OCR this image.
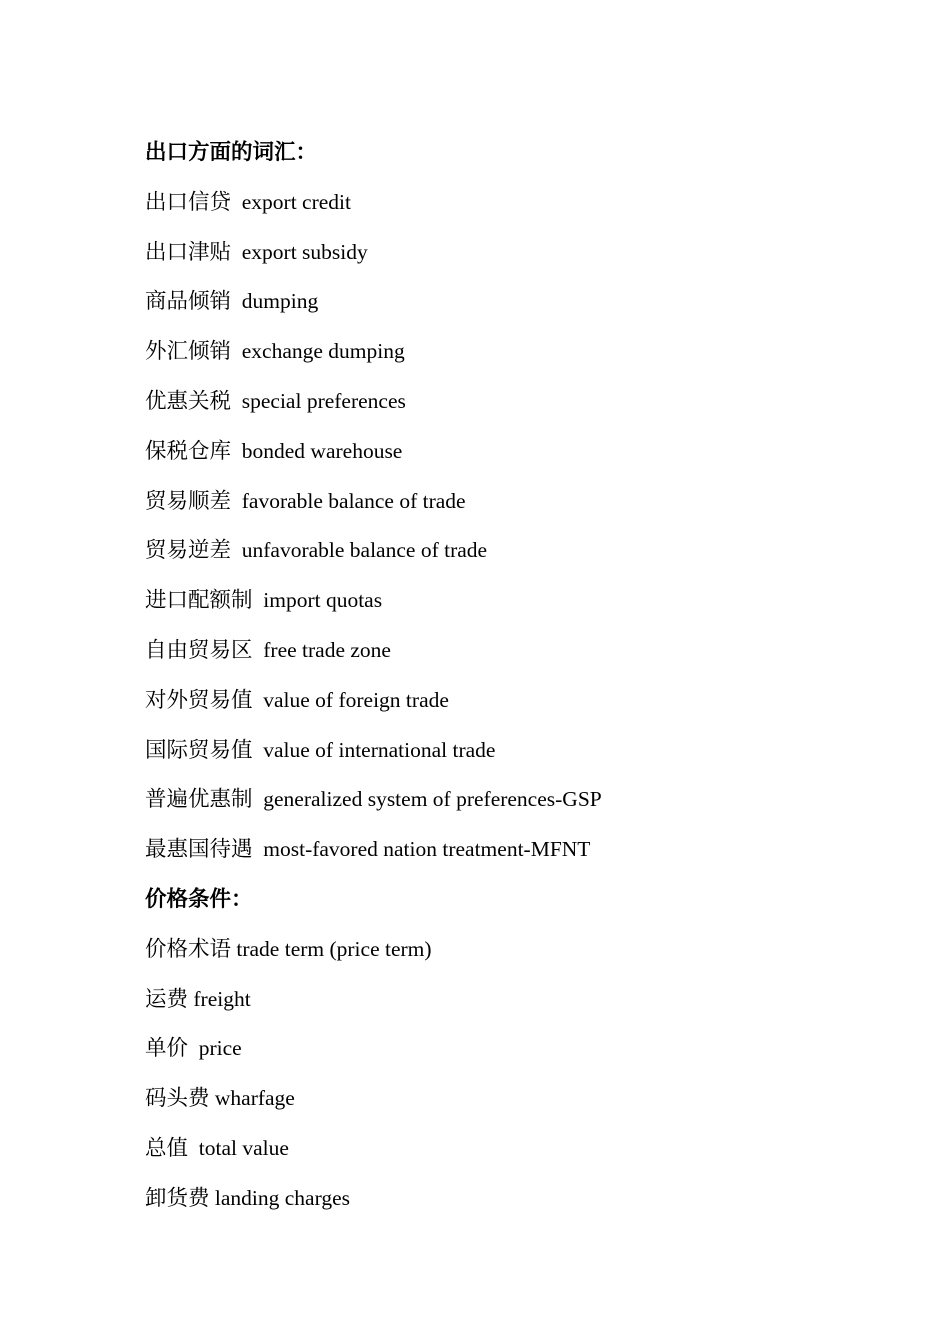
出口方面的词汇：
出口信贷  export credit
出口津贴  export subsidy
商品倾销  dumping
外汇倾销  exchange dumping
优惠关税  special preferences
保税仓库  bonded warehouse
贸易顺差  favorable balance of trade
贸易逆差  unfavorable balance of trade
进口配额制  import quotas
自由贸易区  free trade zone
对外贸易值  value of foreign trade
国际贸易值  value of international trade
普遍优惠制  generalized system of preferences-GSP
最惠国待遇  most-favored nation treatment-MFNT
价格条件：
价格术语 trade term (price term)
运费 freight
单价  price
码头费 wharfage
总值  total value
卸货费 landing charges
